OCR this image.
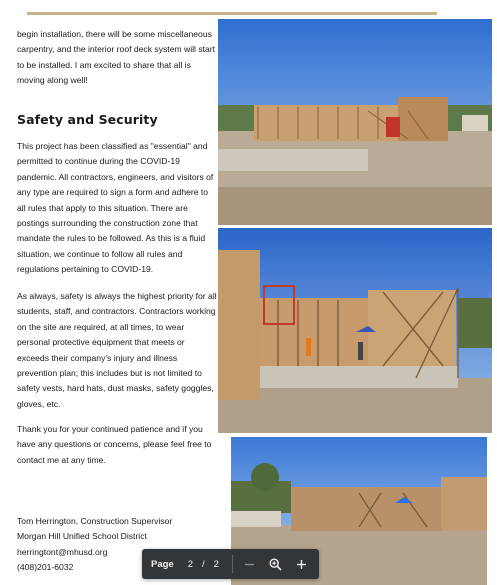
begin installation, there will be some miscellaneous carpentry, and the interior roof deck system will start to be installed. I am excited to share that all is moving along well!

Safety and Security

This project has been classified as "essential" and permitted to continue during the COVID-19 pandemic. All contractors, engineers, and visitors of any type are required to sign a form and adhere to all rules that apply to this situation. There are postings surrounding the construction zone that mandate the rules to be followed. As this is a fluid situation, we continue to follow all rules and regulations pertaining to COVID-19.

As always, safety is always the highest priority for all students, staff, and contractors. Contractors working on the site are required, at all times, to wear personal protective equipment that meets or exceeds their company's injury and illness prevention plan; this includes but is not limited to safety vests, hard hats, dust masks, safety goggles, gloves, etc.

Thank you for your continued patience and if you have any questions or concerns, please feel free to contact me at any time.

Tom Herrington, Construction Supervisor

Morgan Hill Unified School District

herringtont@mhusd.org

(408)201-6032	Page 2 / 2
